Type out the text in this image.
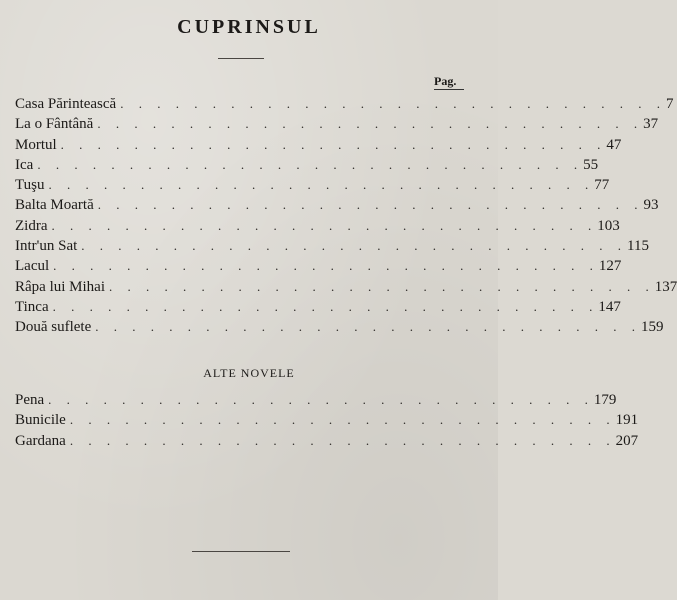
CUPRINSUL
Pag.
Casa Părintească . . . . . . . . . . . . . . . . . . . . . . . . . . . . . . 7
La o Fântână . . . . . . . . . . . . . . . . . . . . . . . . . . . . . . 37
Mortul . . . . . . . . . . . . . . . . . . . . . . . . . . . . . . 47
Ica . . . . . . . . . . . . . . . . . . . . . . . . . . . . . . 55
Tuşu . . . . . . . . . . . . . . . . . . . . . . . . . . . . . . 77
Balta Moartă . . . . . . . . . . . . . . . . . . . . . . . . . . . . . . 93
Zidra . . . . . . . . . . . . . . . . . . . . . . . . . . . . . . 103
Intr'un Sat . . . . . . . . . . . . . . . . . . . . . . . . . . . . . . 115
Lacul . . . . . . . . . . . . . . . . . . . . . . . . . . . . . . 127
Râpa lui Mihai . . . . . . . . . . . . . . . . . . . . . . . . . . . . . . 137
Tinca . . . . . . . . . . . . . . . . . . . . . . . . . . . . . . 147
Două suflete . . . . . . . . . . . . . . . . . . . . . . . . . . . . . . 159
ALTE NOVELE
Pena . . . . . . . . . . . . . . . . . . . . . . . . . . . . . . 179
Bunicile . . . . . . . . . . . . . . . . . . . . . . . . . . . . . . 191
Gardana . . . . . . . . . . . . . . . . . . . . . . . . . . . . . . 207
